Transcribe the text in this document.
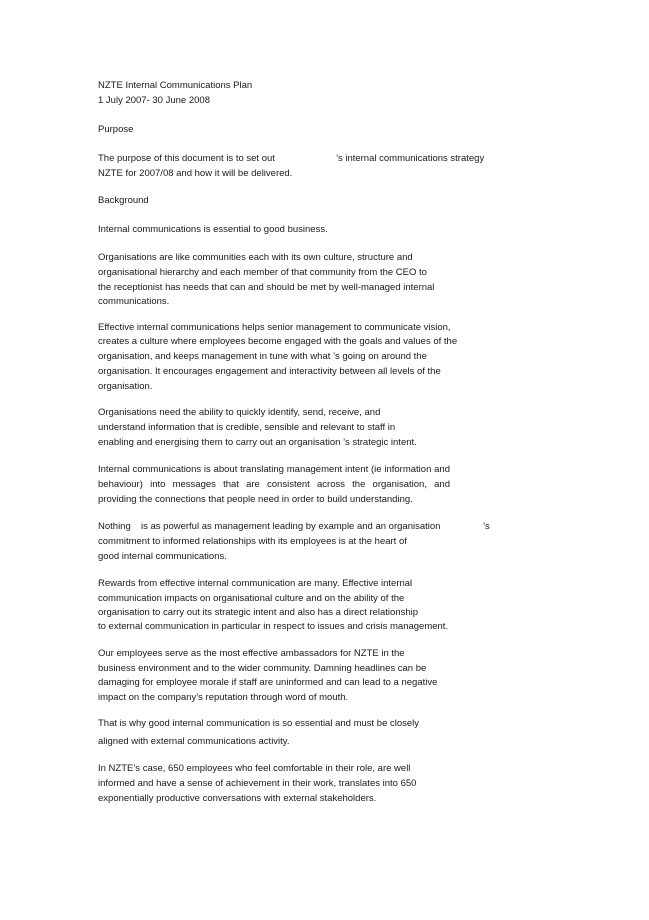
NZTE Internal Communications Plan
1 July 2007- 30 June 2008
Purpose
The purpose of this document is to set out	’s internal communications strategy
NZTE for 2007/08 and how it will be delivered.
Background
Internal communications is essential to good business.
Organisations are like communities each with its own culture, structure and
organisational hierarchy and each member of that community from the CEO to
the receptionist has needs that can and should be met by well-managed internal
communications.
Effective internal communications helps senior management to communicate vision,
creates a culture where employees become engaged with the goals and values of the
organisation, and keeps management in tune with what ’s going on around the
organisation. It encourages engagement and interactivity between all levels of the
organisation.
Organisations need the ability to quickly identify, send, receive, and
understand information that is credible, sensible and relevant to staff in
enabling and energising them to carry out an organisation ’s strategic intent.
Internal communications is about translating management intent (ie information and
behaviour) into messages that are consistent across the organisation, and
providing the connections that people need in order to build understanding.
Nothing is as powerful as management leading by example and an organisation	’s
commitment to informed relationships with its employees is at the heart of
good internal communications.
Rewards from effective internal communication are many. Effective internal
communication impacts on organisational culture and on the ability of the
organisation to carry out its strategic intent and also has a direct relationship
to external communication in particular in respect to issues and crisis management.
Our employees serve as the most effective ambassadors for NZTE in the
business environment and to the wider community. Damning headlines can be
damaging for employee morale if staff are uninformed and can lead to a negative
impact on the company’s reputation through word of mouth.
That is why good internal communication is so essential and must be closely
aligned with external communications activity.
In NZTE’s case, 650 employees who feel comfortable in their role, are well
informed and have a sense of achievement in their work, translates into 650
exponentially productive conversations with external stakeholders.
